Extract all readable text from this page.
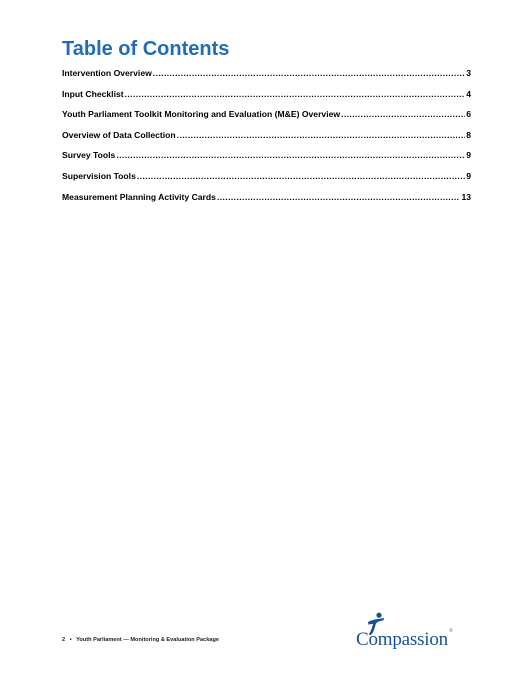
Table of Contents
Intervention Overview .....	3
Input Checklist .....	4
Youth Parliament Toolkit Monitoring and Evaluation (M&E) Overview .....	6
Overview of Data Collection .....	8
Survey Tools .....	9
Supervision Tools .....	9
Measurement Planning Activity Cards .....	13
2 • Youth Parliament — Monitoring & Evaluation Package	Compassion®
